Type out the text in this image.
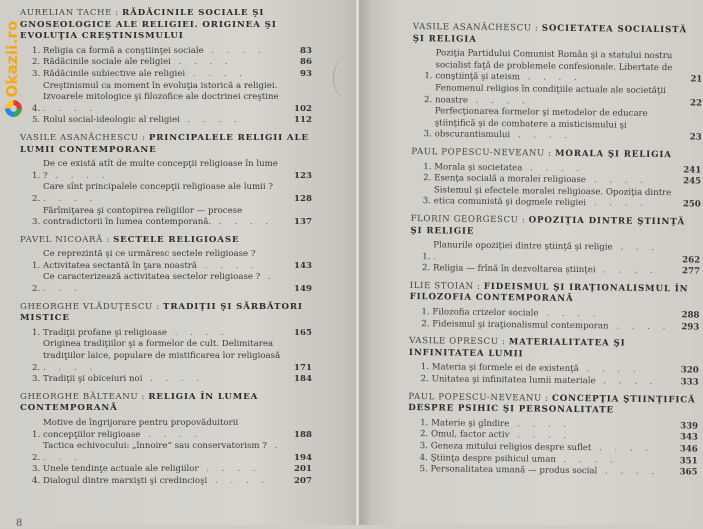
AURELIAN TACHE : RĂDĂCINILE SOCIALE ŞI GNOSEOLOGICE ALE RELIGIEI. ORIGINEA ŞI EVOLUŢIA CREŞTINISMULUI
1. Religia ca formă a conştiinţei sociale . . . .	83
2. Rădăcinile sociale ale religiei . . . .	86
3. Rădăcinile subiective ale religiei . . . .	93
4.
Creştinismul ca moment în evoluţia istorică a religiei. Izvoarele mitologice şi filozofice ale doctrinei creştine . . . .	102
5. Rolul social-ideologic al religiei . . . .	112
VASILE ASANĂCHESCU : PRINCIPALELE RELIGII ALE LUMII CONTEMPORANE
1.
De ce există atît de multe concepţii religioase în lume ? . . . .	123
2.
Care sînt principalele concepţii religioase ale lumii ? . . . .	128
3.
Fărîmiţarea şi contopirea religiilor — procese contradictorii în lumea contemporană. . . . .	137
PAVEL NICOARĂ : SECTELE RELIGIOASE
1.
Ce reprezintă şi ce urmăresc sectele religioase ? Activitatea sectantă în ţara noastră . . . .	143
2.
Ce caracterizează activitatea sectelor religioase ? . . . .	149
GHEORGHE VLĂDUŢESCU : TRADIŢII ŞI SĂRBĂTORI MISTICE
1. Tradiţii profane şi religioase . . . .	165
2.
Originea tradiţiilor şi a formelor de cult. Delimitarea tradiţiilor laice, populare de mistificarea lor religioasă . . . .	171
3. Tradiţii şi obiceiuri noi . . . .	184
GHEORGHE BĂLTEANU : RELIGIA ÎN LUMEA CONTEMPORANĂ
1.
Motive de îngrijorare pentru propovăduitorii concepţiilor religioase . . . .	188
2.
Tactica echivocului: „înnoire“ sau conservatorism ? . . . .	194
3. Unele tendinţe actuale ale religiilor . . . .	201
4. Dialogul dintre marxişti şi credincioşi . . . .	207
8
VASILE ASANĂCHESCU : SOCIETATEA SOCIALISTĂ ŞI RELIGIA
1.
Poziţia Partidului Comunist Român şi a statului nostru socialist faţă de problemele confesionale. Libertate de conştiinţă şi ateism . . . .	21
2.
Fenomenul religios în condiţiile actuale ale societăţii noastre . . . .	22
3.
Perfecţionarea formelor şi metodelor de educare ştiinţifică şi de combatere a misticismului şi obscurantismului . . . .	23
PAUL POPESCU-NEVEANU : MORALA ŞI RELIGIA
1. Morala şi societatea . . . .	241
2. Esenţa socială a moralei religioase . . . .	245
3.
Sistemul şi efectele moralei religioase. Opoziţia dintre etica comunistă şi dogmele religiei . . . .	250
FLORIN GEORGESCU : OPOZIŢIA DINTRE ŞTIINŢĂ ŞI RELIGIE
1.
Planurile opoziţiei dintre ştiinţă şi religie . . . .	262
2. Religia — frînă în dezvoltarea ştiinţei . . . .	277
ILIE STOIAN : FIDEISMUL ŞI IRAŢIONALISMUL ÎN FILOZOFIA CONTEMPORANĂ
1. Filozofia crizelor sociale . . . .	288
2. Fideismul şi iraţionalismul contemporan . . . .	293
VASILE OPRESCU : MATERIALITATEA ŞI INFINITATEA LUMII
1. Materia şi formele ei de existenţă . . . .	320
2. Unitatea şi infinitatea lumii materiale . . . .	333
PAUL POPESCU-NEVEANU : CONCEPŢIA ŞTIINŢIFICĂ DESPRE PSIHIC ŞI PERSONALITATE
1. Materie şi gîndire . . . .	339
2. Omul, factor activ . . . .	343
3. Geneza mitului religios despre suflet . . . .	346
4. Ştiinţa despre psihicul uman . . . .	351
5. Personalitatea umană — produs social . . . .	365
Okazii.ro
